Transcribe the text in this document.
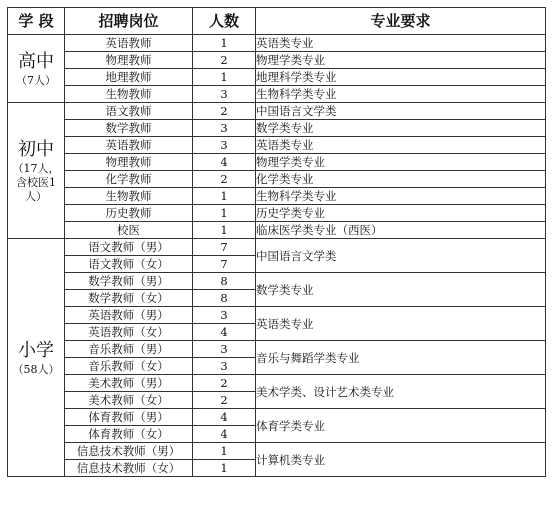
学 段	招聘岗位	人数	专业要求

高中
（7人）	英语教师	1	英语类专业
	物理教师	2	物理学类专业
	地理教师	1	地理科学类专业
	生物教师	3	生物科学类专业

初中
（17人，含校医1人）	语文教师	2	中国语言文学类
	数学教师	3	数学类专业
	英语教师	3	英语类专业
	物理教师	4	物理学类专业
	化学教师	2	化学类专业
	生物教师	1	生物科学类专业
	历史教师	1	历史学类专业
	校医	1	临床医学类专业（西医）

小学
（58人）	语文教师（男）	7	中国语言文学类
	语文教师（女）	7	
	数学教师（男）	8	数学类专业
	数学教师（女）	8	
	英语教师（男）	3	英语类专业
	英语教师（女）	4	
	音乐教师（男）	3	音乐与舞蹈学类专业
	音乐教师（女）	3	
	美术教师（男）	2	美术学类、设计艺术类专业
	美术教师（女）	2	
	体育教师（男）	4	体育学类专业
	体育教师（女）	4	
	信息技术教师（男）	1	计算机类专业
	信息技术教师（女）	1	
